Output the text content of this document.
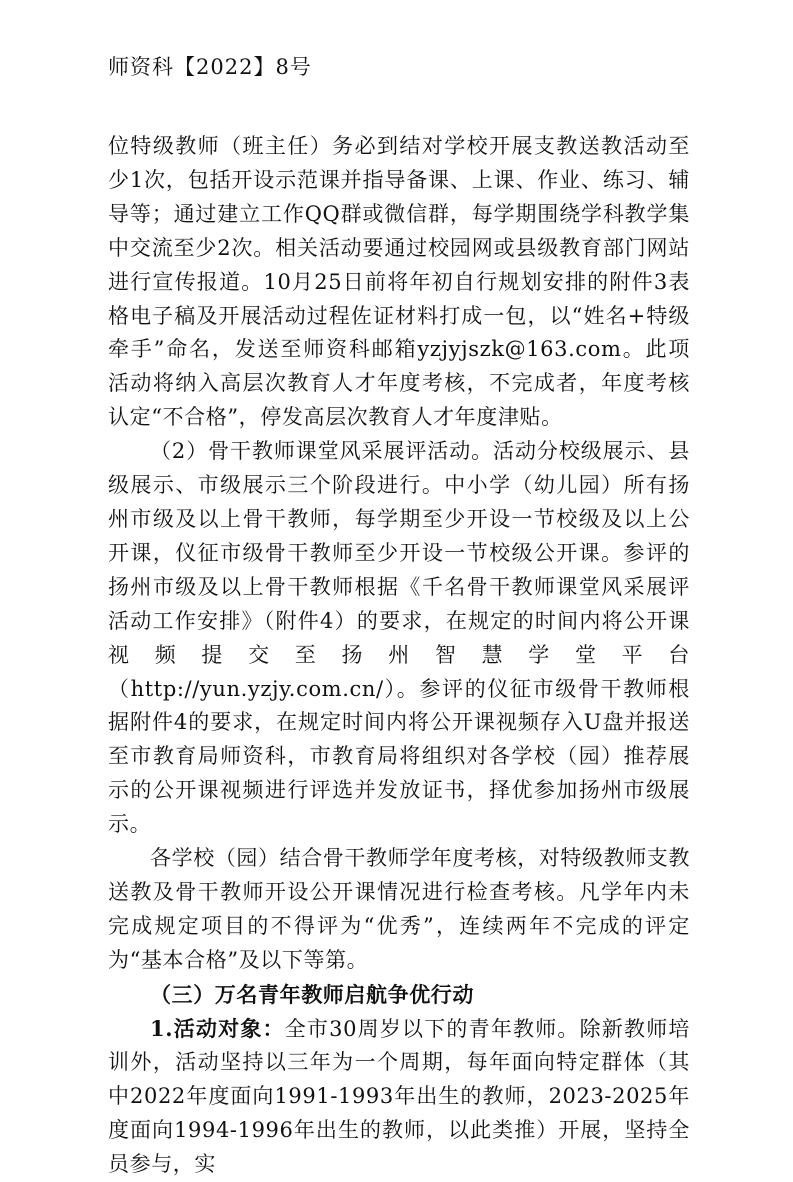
师资科【2022】8号

位特级教师（班主任）务必到结对学校开展支教送教活动至少1次，包括开设示范课并指导备课、上课、作业、练习、辅导等；通过建立工作QQ群或微信群，每学期围绕学科教学集中交流至少2次。相关活动要通过校园网或县级教育部门网站进行宣传报道。10月25日前将年初自行规划安排的附件3表格电子稿及开展活动过程佐证材料打成一包，以“姓名+特级牵手”命名，发送至师资科邮箱yzjyjszk@163.com。此项活动将纳入高层次教育人才年度考核，不完成者，年度考核认定“不合格”，停发高层次教育人才年度津贴。

（2）骨干教师课堂风采展评活动。活动分校级展示、县级展示、市级展示三个阶段进行。中小学（幼儿园）所有扬州市级及以上骨干教师，每学期至少开设一节校级及以上公开课，仪征市级骨干教师至少开设一节校级公开课。参评的扬州市级及以上骨干教师根据《千名骨干教师课堂风采展评活动工作安排》（附件4）的要求，在规定的时间内将公开课视频提交至扬州智慧学堂平台（http://yun.yzjy.com.cn/）。参评的仪征市级骨干教师根据附件4的要求，在规定时间内将公开课视频存入U盘并报送至市教育局师资科，市教育局将组织对各学校（园）推荐展示的公开课视频进行评选并发放证书，择优参加扬州市级展示。

各学校（园）结合骨干教师学年度考核，对特级教师支教送教及骨干教师开设公开课情况进行检查考核。凡学年内未完成规定项目的不得评为“优秀”，连续两年不完成的评定为“基本合格”及以下等第。

（三）万名青年教师启航争优行动

1.活动对象：全市30周岁以下的青年教师。除新教师培训外，活动坚持以三年为一个周期，每年面向特定群体（其中2022年度面向1991-1993年出生的教师，2023-2025年度面向1994-1996年出生的教师，以此类推）开展，坚持全员参与，实
